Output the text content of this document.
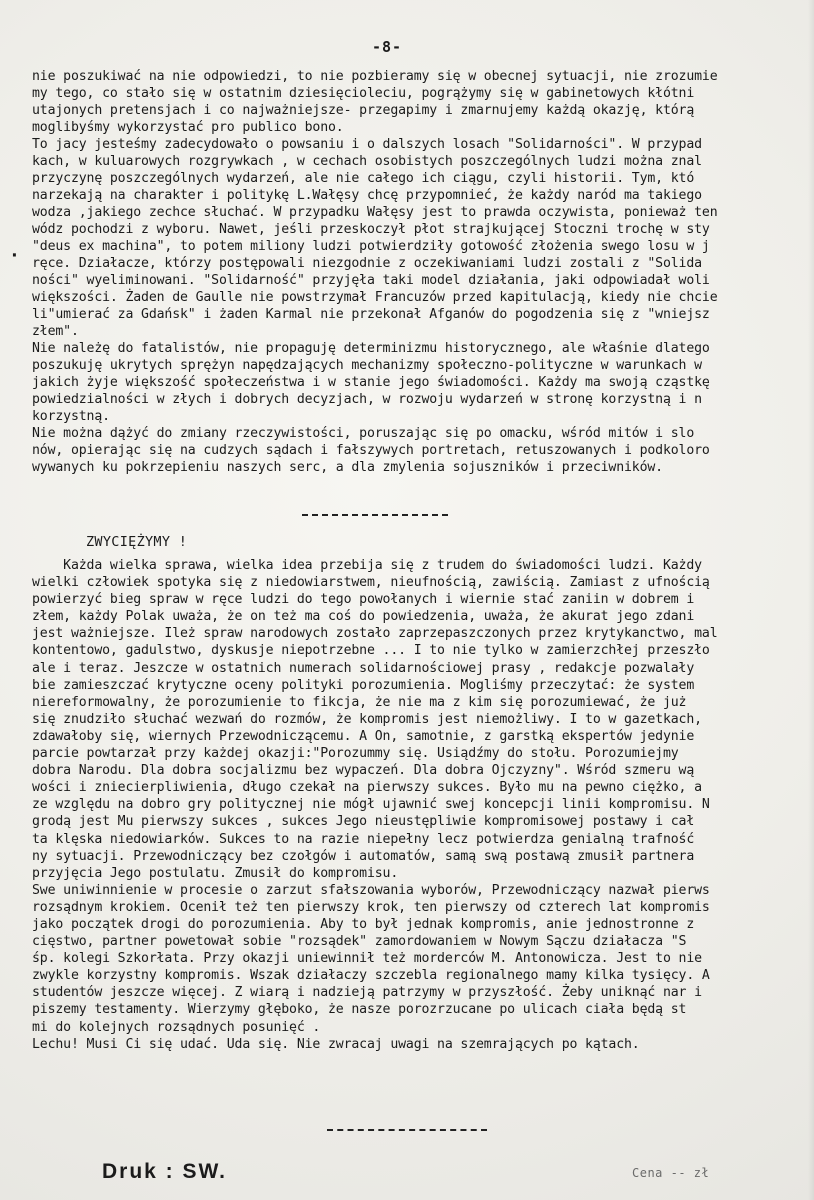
-8-
·
nie poszukiwać na nie odpowiedzi, to nie pozbieramy się w obecnej sytuacji, nie zrozumie
my tego, co stało się w ostatnim dziesięcioleciu, pogrążymy się w gabinetowych kłótni
utajonych pretensjach i co najważniejsze- przegapimy i zmarnujemy każdą okazję, którą
moglibyśmy wykorzystać pro publico bono.
To jacy jesteśmy zadecydowało o powsaniu i o dalszych losach "Solidarności". W przypad
kach, w kuluarowych rozgrywkach , w cechach osobistych poszczególnych ludzi można znal
przyczynę poszczególnych wydarzeń, ale nie całego ich ciągu, czyli historii. Tym, któ
narzekają na charakter i politykę L.Wałęsy chcę przypomnieć, że każdy naród ma takiego
wodza ,jakiego zechce słuchać. W przypadku Wałęsy jest to prawda oczywista, ponieważ ten
wódz pochodzi z wyboru. Nawet, jeśli przeskoczył płot strajkującej Stoczni trochę w sty
"deus ex machina", to potem miliony ludzi potwierdziły gotowość złożenia swego losu w j
ręce. Działacze, którzy postępowali niezgodnie z oczekiwaniami ludzi zostali z "Solida
ności" wyeliminowani. "Solidarność" przyjęła taki model działania, jaki odpowiadał woli
większości. Żaden de Gaulle nie powstrzymał Francuzów przed kapitulacją, kiedy nie chcie
li"umierać za Gdańsk" i żaden Karmal nie przekonał Afganów do pogodzenia się z "wniejsz
złem".
Nie należę do fatalistów, nie propaguję determinizmu historycznego, ale właśnie dlatego
poszukuję ukrytych sprężyn napędzających mechanizmy społeczno-polityczne w warunkach w
jakich żyje większość społeczeństwa i w stanie jego świadomości. Każdy ma swoją cząstkę
powiedzialności w złych i dobrych decyzjach, w rozwoju wydarzeń w stronę korzystną i n
korzystną.
Nie można dążyć do zmiany rzeczywistości, poruszając się po omacku, wśród mitów i slo
nów, opierając się na cudzych sądach i fałszywych portretach, retuszowanych i podkoloro
wywanych ku pokrzepieniu naszych serc, a dla zmylenia sojuszników i przeciwników.
ZWYCIĘŻYMY !
Każda wielka sprawa, wielka idea przebija się z trudem do świadomości ludzi. Każdy
wielki człowiek spotyka się z niedowiarstwem, nieufnością, zawiścią. Zamiast z ufnością
powierzyć bieg spraw w ręce ludzi do tego powołanych i wiernie stać zaniin w dobrem i
złem, każdy Polak uważa, że on też ma coś do powiedzenia, uważa, że akurat jego zdani
jest ważniejsze. Ileż spraw narodowych zostało zaprzepaszczonych przez krytykanctwo, mal
kontentowo, gadulstwo, dyskusje niepotrzebne ... I to nie tylko w zamierzchłej przeszło
ale i teraz. Jeszcze w ostatnich numerach solidarnościowej prasy , redakcje pozwalały
bie zamieszczać krytyczne oceny polityki porozumienia. Mogliśmy przeczytać: że system
niereformowalny, że porozumienie to fikcja, że nie ma z kim się porozumiewać, że już
się znudziło słuchać wezwań do rozmów, że kompromis jest niemożliwy. I to w gazetkach,
zdawałoby się, wiernych Przewodniczącemu. A On, samotnie, z garstką ekspertów jedynie
parcie powtarzał przy każdej okazji:"Porozummy się. Usiądźmy do stołu. Porozumiejmy
dobra Narodu. Dla dobra socjalizmu bez wypaczeń. Dla dobra Ojczyzny". Wśród szmeru wą
wości i zniecierpliwienia, długo czekał na pierwszy sukces. Było mu na pewno ciężko, a
ze względu na dobro gry politycznej nie mógł ujawnić swej koncepcji linii kompromisu. N
grodą jest Mu pierwszy sukces , sukces Jego nieustępliwie kompromisowej postawy i cał
ta klęska niedowiarków. Sukces to na razie niepełny lecz potwierdza genialną trafność
ny sytuacji. Przewodniczący bez czołgów i automatów, samą swą postawą zmusił partnera
przyjęcia Jego postulatu. Zmusił do kompromisu.
Swe uniwinnienie w procesie o zarzut sfałszowania wyborów, Przewodniczący nazwał pierws
rozsądnym krokiem. Ocenił też ten pierwszy krok, ten pierwszy od czterech lat kompromis
jako początek drogi do porozumienia. Aby to był jednak kompromis, anie jednostronne z
cięstwo, partner powetował sobie "rozsądek" zamordowaniem w Nowym Sączu działacza "S
śp. kolegi Szkorłata. Przy okazji uniewinnił też morderców M. Antonowicza. Jest to nie
zwykle korzystny kompromis. Wszak działaczy szczebla regionalnego mamy kilka tysięcy. A
studentów jeszcze więcej. Z wiarą i nadzieją patrzymy w przyszłość. Żeby uniknąć nar i
piszemy testamenty. Wierzymy głęboko, że nasze porozrzucane po ulicach ciała będą st
mi do kolejnych rozsądnych posunięć .
Lechu! Musi Ci się udać. Uda się. Nie zwracaj uwagi na szemrających po kątach.
Druk : SW.	Cena -- zł
